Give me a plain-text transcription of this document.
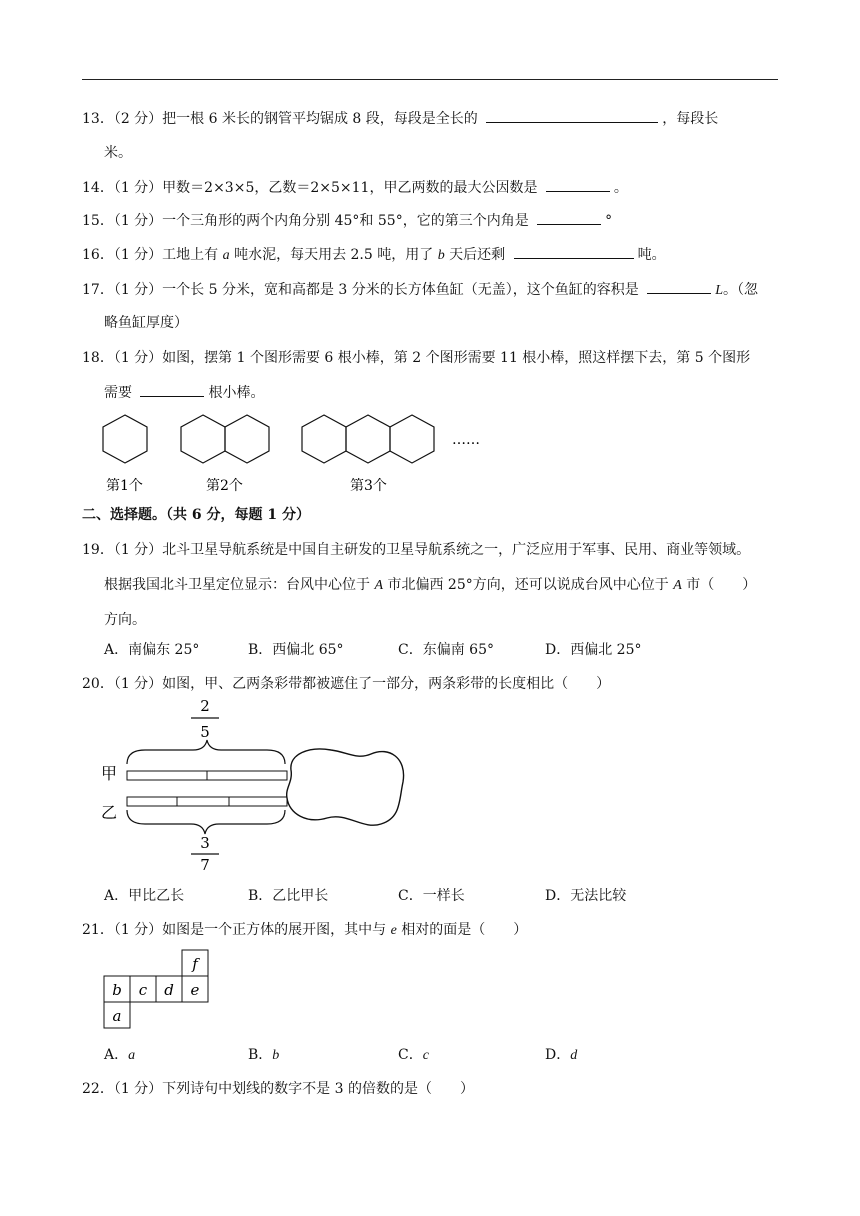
13．（2 分）把一根 6 米长的钢管平均锯成 8 段，每段是全长的	，每段长
米。
14．（1 分）甲数＝2×3×5，乙数＝2×5×11，甲乙两数的最大公因数是	。
15．（1 分）一个三角形的两个内角分别 45°和 55°，它的第三个内角是	°
16．（1 分）工地上有 a 吨水泥，每天用去 2.5 吨，用了 b 天后还剩	吨。
17．（1 分）一个长 5 分米，宽和高都是 3 分米的长方体鱼缸（无盖），这个鱼缸的容积是	L。（忽
略鱼缸厚度）
18．（1 分）如图，摆第 1 个图形需要 6 根小棒，第 2 个图形需要 11 根小棒，照这样摆下去，第 5 个图形
需要	根小棒。
……
第1个	第2个	第3个
二、选择题。（共 6 分，每题 1 分）
19．（1 分）北斗卫星导航系统是中国自主研发的卫星导航系统之一，广泛应用于军事、民用、商业等领域。
根据我国北斗卫星定位显示：台风中心位于 A 市北偏西 25°方向，还可以说成台风中心位于 A 市（　　）
方向。
A．南偏东 25°	B．西偏北 65°	C．东偏南 65°	D．西偏北 25°
20．（1 分）如图，甲、乙两条彩带都被遮住了一部分，两条彩带的长度相比（　　）
2
5
甲
乙
3
7
A．甲比乙长	B．乙比甲长	C．一样长	D．无法比较
21．（1 分）如图是一个正方体的展开图，其中与 e 相对的面是（　　）
f
b c d e
a
A．a	B．b	C．c	D．d
22．（1 分）下列诗句中划线的数字不是 3 的倍数的是（　　）
